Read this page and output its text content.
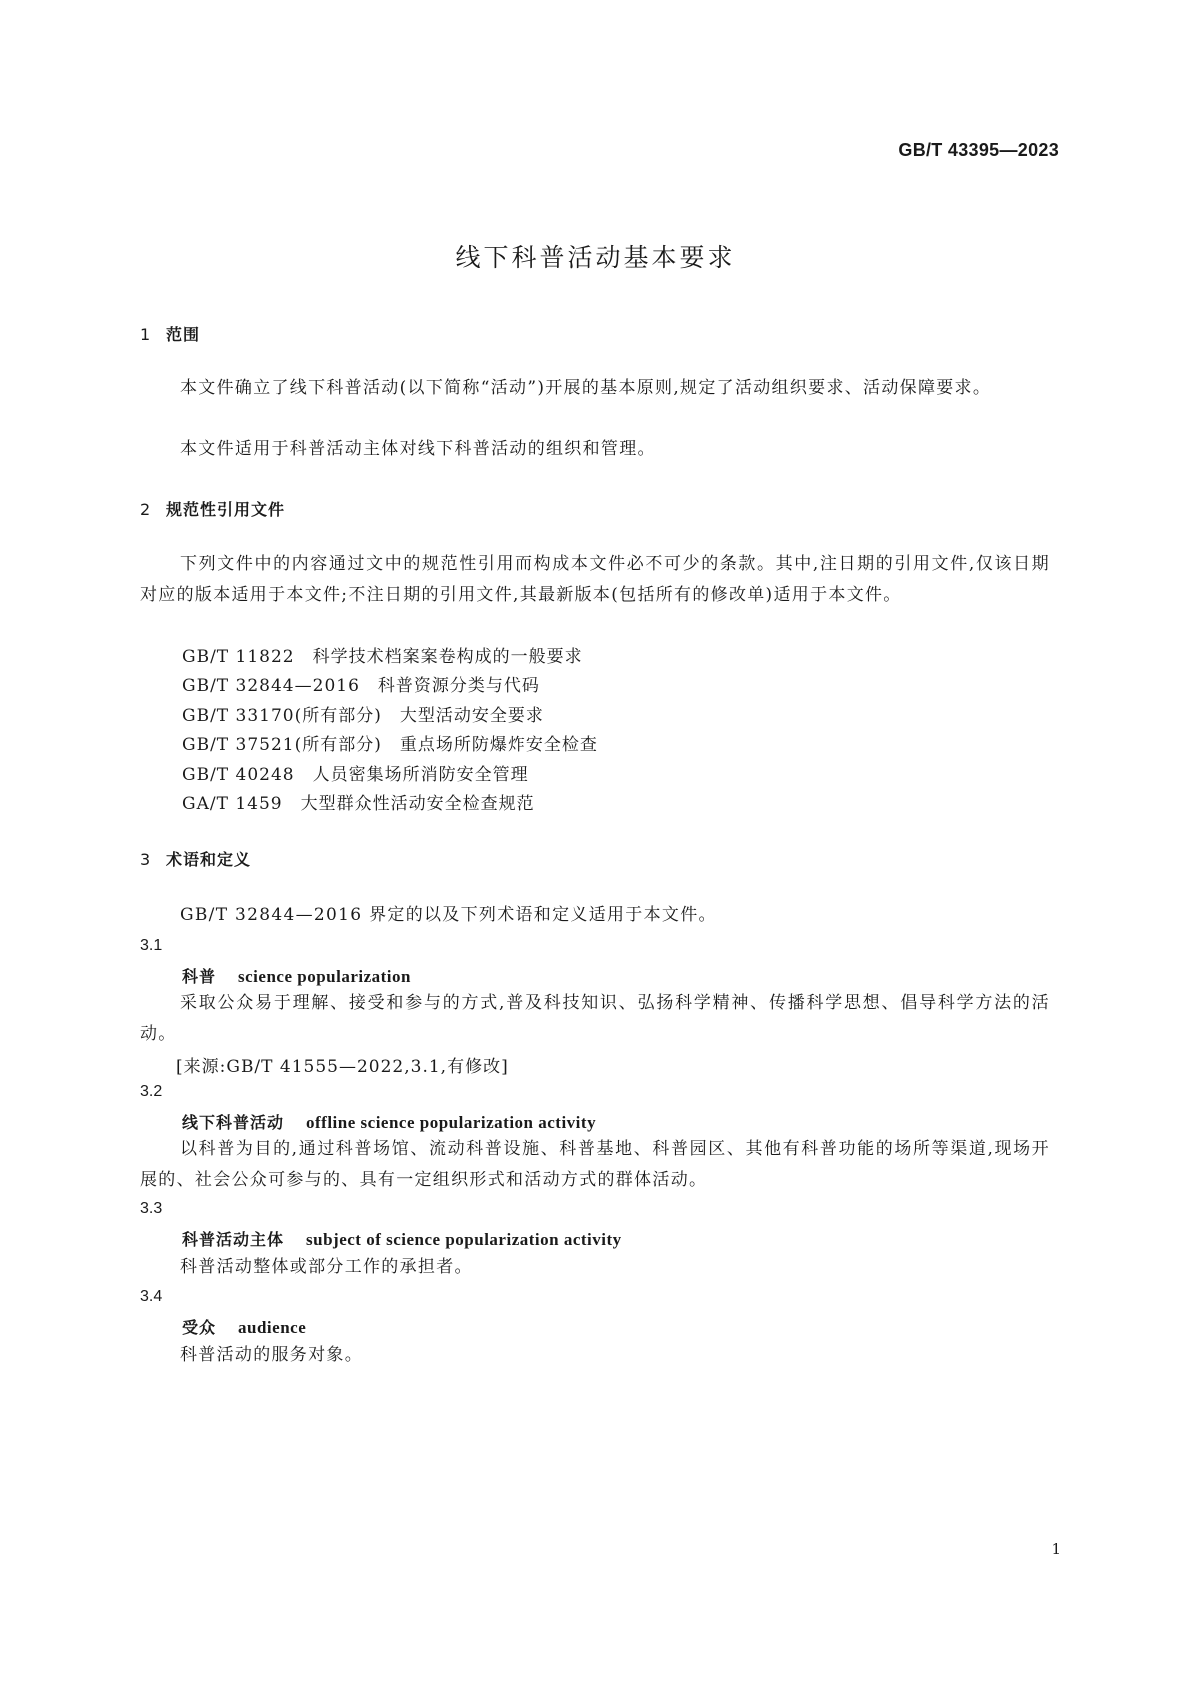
GB/T 43395—2023
线下科普活动基本要求
1 范围
本文件确立了线下科普活动(以下简称“活动”)开展的基本原则,规定了活动组织要求、活动保障要求。
本文件适用于科普活动主体对线下科普活动的组织和管理。
2 规范性引用文件
下列文件中的内容通过文中的规范性引用而构成本文件必不可少的条款。其中,注日期的引用文件,仅该日期对应的版本适用于本文件;不注日期的引用文件,其最新版本(包括所有的修改单)适用于本文件。
GB/T 11822 科学技术档案案卷构成的一般要求
GB/T 32844—2016 科普资源分类与代码
GB/T 33170(所有部分) 大型活动安全要求
GB/T 37521(所有部分) 重点场所防爆炸安全检查
GB/T 40248 人员密集场所消防安全管理
GA/T 1459 大型群众性活动安全检查规范
3 术语和定义
GB/T 32844—2016 界定的以及下列术语和定义适用于本文件。
3.1
科普 science popularization
采取公众易于理解、接受和参与的方式,普及科技知识、弘扬科学精神、传播科学思想、倡导科学方法的活动。
[来源:GB/T 41555—2022,3.1,有修改]
3.2
线下科普活动 offline science popularization activity
以科普为目的,通过科普场馆、流动科普设施、科普基地、科普园区、其他有科普功能的场所等渠道,现场开展的、社会公众可参与的、具有一定组织形式和活动方式的群体活动。
3.3
科普活动主体 subject of science popularization activity
科普活动整体或部分工作的承担者。
3.4
受众 audience
科普活动的服务对象。
1
